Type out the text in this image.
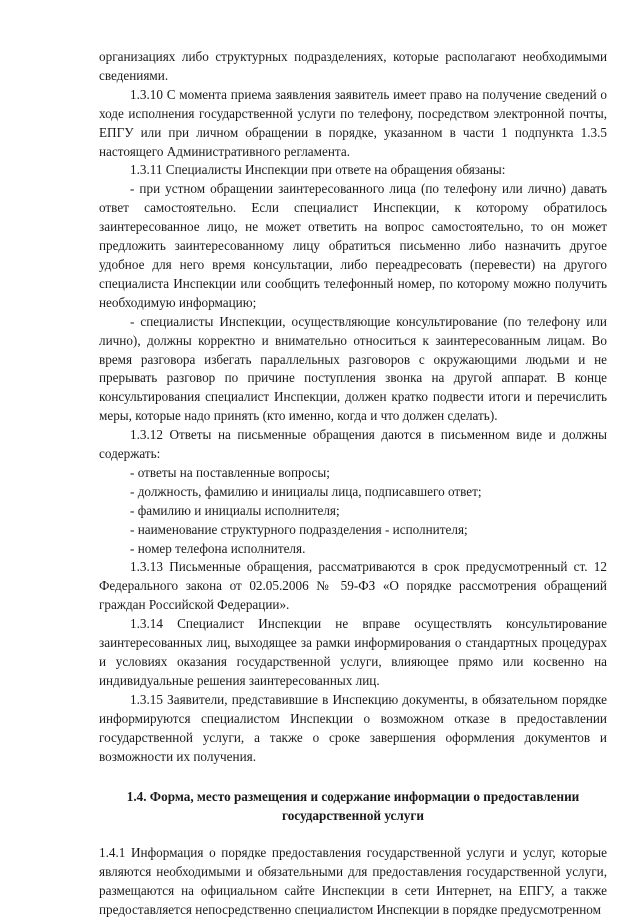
организациях либо структурных подразделениях, которые располагают необходимыми сведениями.

1.3.10 С момента приема заявления заявитель имеет право на получение сведений о ходе исполнения государственной услуги по телефону, посредством электронной почты, ЕПГУ или при личном обращении в порядке, указанном в части 1 подпункта 1.3.5 настоящего Административного регламента.

1.3.11 Специалисты Инспекции при ответе на обращения обязаны:

- при устном обращении заинтересованного лица (по телефону или лично) давать ответ самостоятельно. Если специалист Инспекции, к которому обратилось заинтересованное лицо, не может ответить на вопрос самостоятельно, то он может предложить заинтересованному лицу обратиться письменно либо назначить другое удобное для него время консультации, либо переадресовать (перевести) на другого специалиста Инспекции или сообщить телефонный номер, по которому можно получить необходимую информацию;

- специалисты Инспекции, осуществляющие консультирование (по телефону или лично), должны корректно и внимательно относиться к заинтересованным лицам. Во время разговора избегать параллельных разговоров с окружающими людьми и не прерывать разговор по причине поступления звонка на другой аппарат. В конце консультирования специалист Инспекции, должен кратко подвести итоги и перечислить меры, которые надо принять (кто именно, когда и что должен сделать).

1.3.12 Ответы на письменные обращения даются в письменном виде и должны содержать:

- ответы на поставленные вопросы;

- должность, фамилию и инициалы лица, подписавшего ответ;

- фамилию и инициалы исполнителя;

- наименование структурного подразделения - исполнителя;

- номер телефона исполнителя.

1.3.13 Письменные обращения, рассматриваются в срок предусмотренный ст. 12 Федерального закона от 02.05.2006 № 59-ФЗ «О порядке рассмотрения обращений граждан Российской Федерации».

1.3.14 Специалист Инспекции не вправе осуществлять консультирование заинтересованных лиц, выходящее за рамки информирования о стандартных процедурах и условиях оказания государственной услуги, влияющее прямо или косвенно на индивидуальные решения заинтересованных лиц.

1.3.15 Заявители, представившие в Инспекцию документы, в обязательном порядке информируются специалистом Инспекции о возможном отказе в предоставлении государственной услуги, а также о сроке завершения оформления документов и возможности их получения.

1.4. Форма, место размещения и содержание информации о предоставлении
государственной услуги

1.4.1 Информация о порядке предоставления государственной услуги и услуг, которые являются необходимыми и обязательными для предоставления государственной услуги, размещаются на официальном сайте Инспекции в сети Интернет, на ЕПГУ, а также предоставляется непосредственно специалистом Инспекции в порядке предусмотренном
